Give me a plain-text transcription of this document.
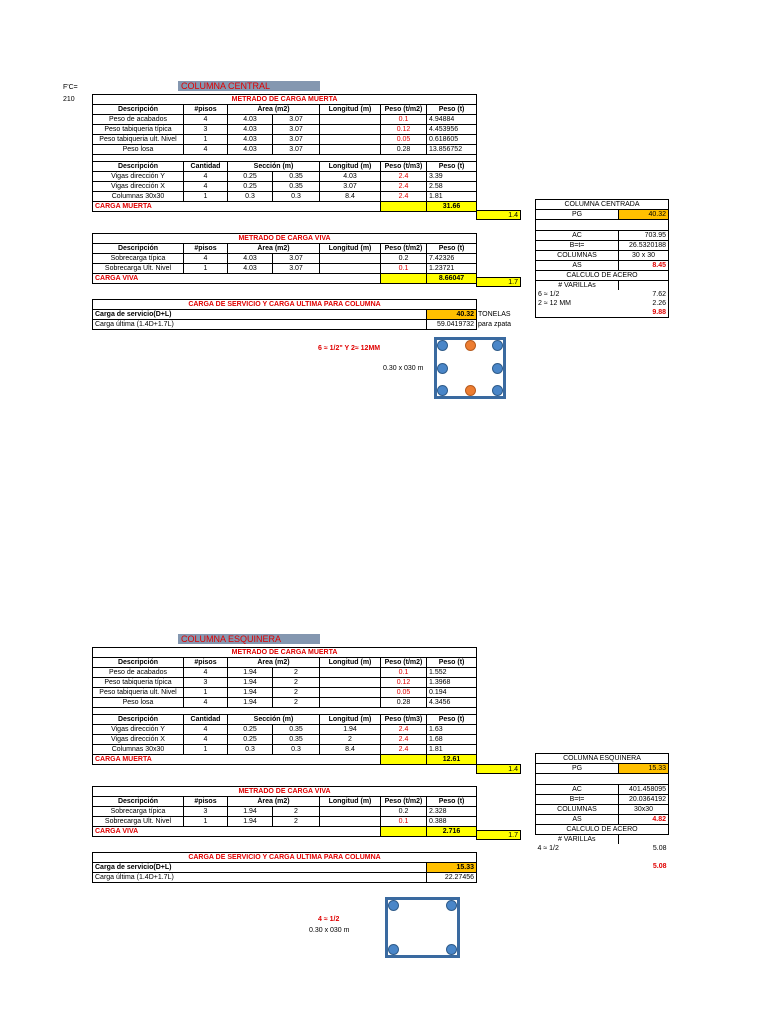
F'C=
210
COLUMNA CENTRAL
METRADO DE CARGA MUERTA						
Descripción	#pisos	Área (m2)		Longitud (m)	Peso (t/m2)	Peso (t)
Peso de acabados	4	4.03	3.07		0.1	4.94884
Peso tabiqueria típica	3	4.03	3.07		0.12	4.453956
Peso tabiqueria ult. Nivel	1	4.03	3.07		0.05	0.618605
Peso losa	4	4.03	3.07		0.28	13.856752

Descripción	Cantidad	Sección (m)		Longitud (m)	Peso (t/m3)	Peso (t)
Vigas dirección Y	4	0.25	0.35	4.03	2.4	3.39
Vigas dirección X	4	0.25	0.35	3.07	2.4	2.58
Columnas 30x30	1	0.3	0.3	8.4	2.4	1.81
CARGA MUERTA						31.66
1.4
METRADO DE CARGA VIVA						
Descripción	#pisos	Área (m2)		Longitud (m)	Peso (t/m2)	Peso (t)
Sobrecarga típica	4	4.03	3.07		0.2	7.42326
Sobrecarga Ult. Nivel	1	4.03	3.07		0.1	1.23721
CARGA VIVA						8.66047
1.7
CARGA DE SERVICIO Y CARGA ULTIMA PARA COLUMNA	
Carga de servicio(D+L)	40.32
Carga última (1.4D+1.7L)	59.0419732
TONELAS
para zpata
COLUMNA CENTRADA	
PG	40.32

AC	703.95
B=t=	26.5320188
COLUMNAS	30 x 30
AS	8.45
CALCULO DE ACERO	
# VARILLAs	
6 ≈ 1/2	7.62
2 ≈ 12 MM	2.26
	9.88
6 ≈ 1/2" Y 2≈ 12MM
0.30 x 030 m
COLUMNA ESQUINERA
METRADO DE CARGA MUERTA						
Descripción	#pisos	Área (m2)		Longitud (m)	Peso (t/m2)	Peso (t)
Peso de acabados	4	1.94	2		0.1	1.552
Peso tabiqueria típica	3	1.94	2		0.12	1.3968
Peso tabiqueria ult. Nivel	1	1.94	2		0.05	0.194
Peso losa	4	1.94	2		0.28	4.3456

Descripción	Cantidad	Sección (m)		Longitud (m)	Peso (t/m3)	Peso (t)
Vigas dirección Y	4	0.25	0.35	1.94	2.4	1.63
Vigas dirección X	4	0.25	0.35	2	2.4	1.68
Columnas 30x30	1	0.3	0.3	8.4	2.4	1.81
CARGA MUERTA						12.61
1.4
METRADO DE CARGA VIVA						
Descripción	#pisos	Área (m2)		Longitud (m)	Peso (t/m2)	Peso (t)
Sobrecarga típica	3	1.94	2		0.2	2.328
Sobrecarga Ult. Nivel	1	1.94	2		0.1	0.388
CARGA VIVA						2.716
1.7
CARGA DE SERVICIO Y CARGA ULTIMA PARA COLUMNA	
Carga de servicio(D+L)	15.33
Carga última (1.4D+1.7L)	22.27456
COLUMNA ESQUINERA	
PG	15.33

AC	401.458095
B=t=	20.0364192
COLUMNAS	30x30
AS	4.82
CALCULO DE ACERO	
# VARILLAs	
4 ≈ 1/2	5.08

	5.08
4 ≈ 1/2
0.30 x 030 m
